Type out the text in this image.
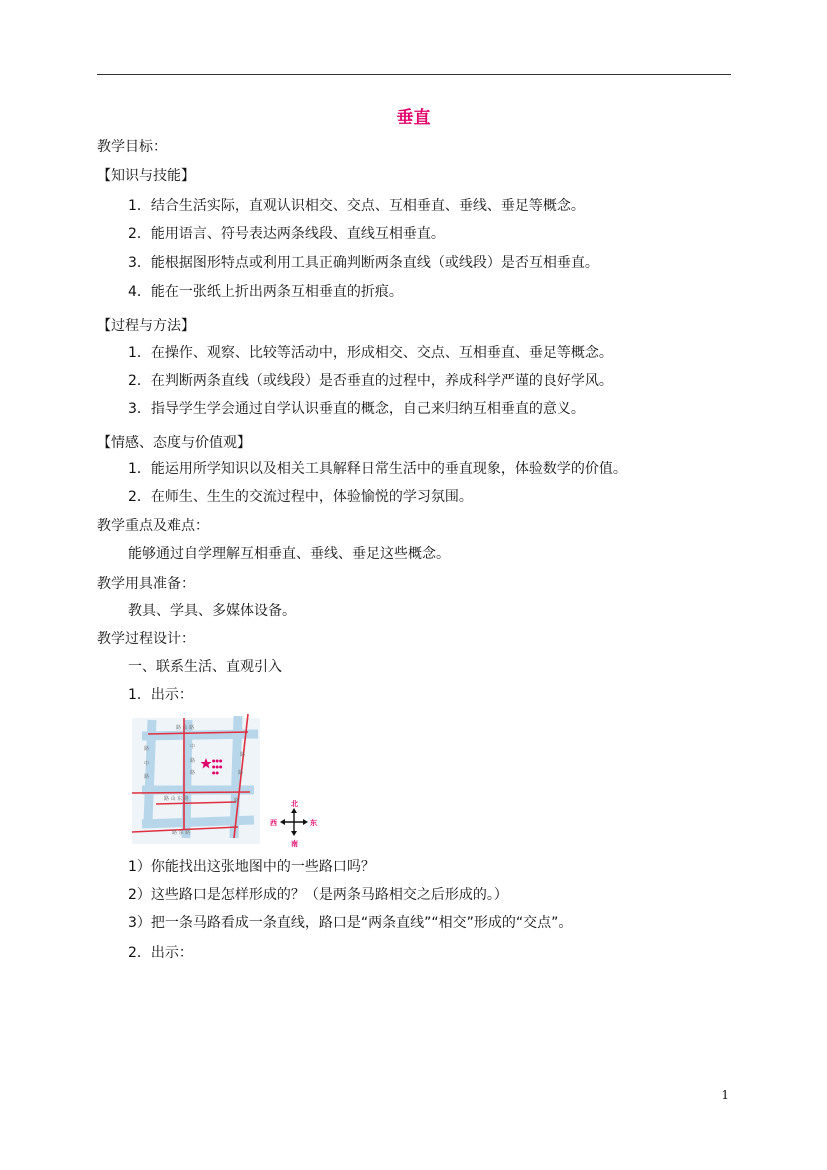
垂直
教学目标：
【知识与技能】
1．结合生活实际，直观认识相交、交点、互相垂直、垂线、垂足等概念。
2．能用语言、符号表达两条线段、直线互相垂直。
3．能根据图形特点或利用工具正确判断两条直线（或线段）是否互相垂直。
4．能在一张纸上折出两条互相垂直的折痕。
【过程与方法】
1．在操作、观察、比较等活动中，形成相交、交点、互相垂直、垂足等概念。
2．在判断两条直线（或线段）是否垂直的过程中，养成科学严谨的良好学风。
3．指导学生学会通过自学认识垂直的概念，自己来归纳互相垂直的意义。
【情感、态度与价值观】
1．能运用所学知识以及相关工具解释日常生活中的垂直现象，体验数学的价值。
2．在师生、生生的交流过程中，体验愉悦的学习氛围。
教学重点及难点：
能够通过自学理解互相垂直、垂线、垂足这些概念。
教学用具准备：
教具、学具、多媒体设备。
教学过程设计：
一、联系生活、直观引入
1．出示：
1）你能找出这张地图中的一些路口吗？
2）这些路口是怎样形成的？（是两条马路相交之后形成的。）
3）把一条马路看成一条直线，路口是“两条直线”“相交”形成的“交点”。
2．出示：
路 山 路
路
中
路
中
路
路
路 山 东 路
路 东 路
路
路
路
●●●
●●●
●●
北
南
西	东
1
